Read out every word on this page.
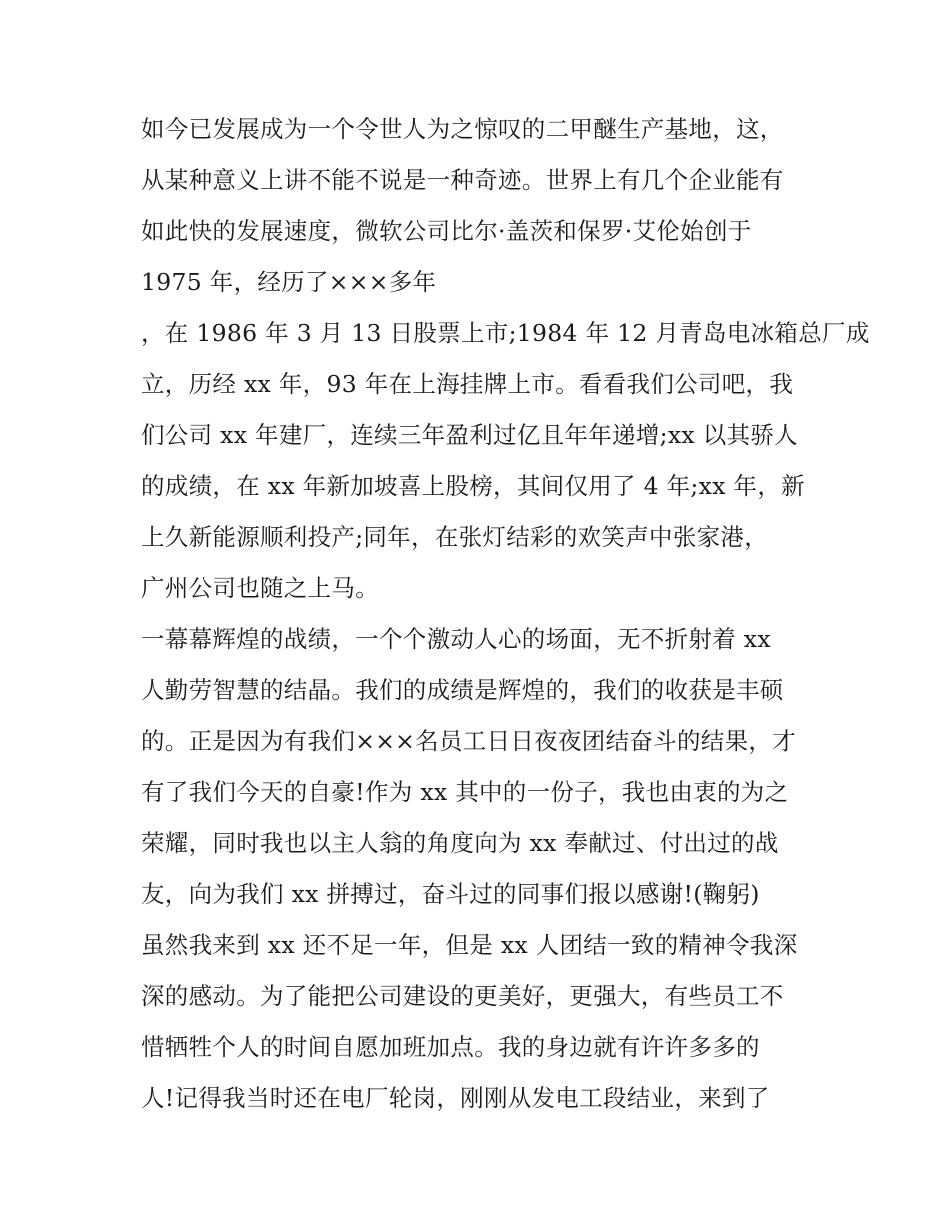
如今已发展成为一个令世人为之惊叹的二甲醚生产基地，这，
从某种意义上讲不能不说是一种奇迹。世界上有几个企业能有
如此快的发展速度，微软公司比尔·盖茨和保罗·艾伦始创于
1975 年，经历了×××多年
，在 1986 年 3 月 13 日股票上市;1984 年 12 月青岛电冰箱总厂成
立，历经 xx 年，93 年在上海挂牌上市。看看我们公司吧，我
们公司 xx 年建厂，连续三年盈利过亿且年年递增;xx 以其骄人
的成绩，在 xx 年新加坡喜上股榜，其间仅用了 4 年;xx 年，新
上久新能源顺利投产;同年，在张灯结彩的欢笑声中张家港，
广州公司也随之上马。
一幕幕辉煌的战绩，一个个激动人心的场面，无不折射着 xx
人勤劳智慧的结晶。我们的成绩是辉煌的，我们的收获是丰硕
的。正是因为有我们×××名员工日日夜夜团结奋斗的结果，才
有了我们今天的自豪!作为 xx 其中的一份子，我也由衷的为之
荣耀，同时我也以主人翁的角度向为 xx 奉献过、付出过的战
友，向为我们 xx 拼搏过，奋斗过的同事们报以感谢!(鞠躬)
虽然我来到 xx 还不足一年，但是 xx 人团结一致的精神令我深
深的感动。为了能把公司建设的更美好，更强大，有些员工不
惜牺牲个人的时间自愿加班加点。我的身边就有许许多多的
人!记得我当时还在电厂轮岗，刚刚从发电工段结业，来到了
